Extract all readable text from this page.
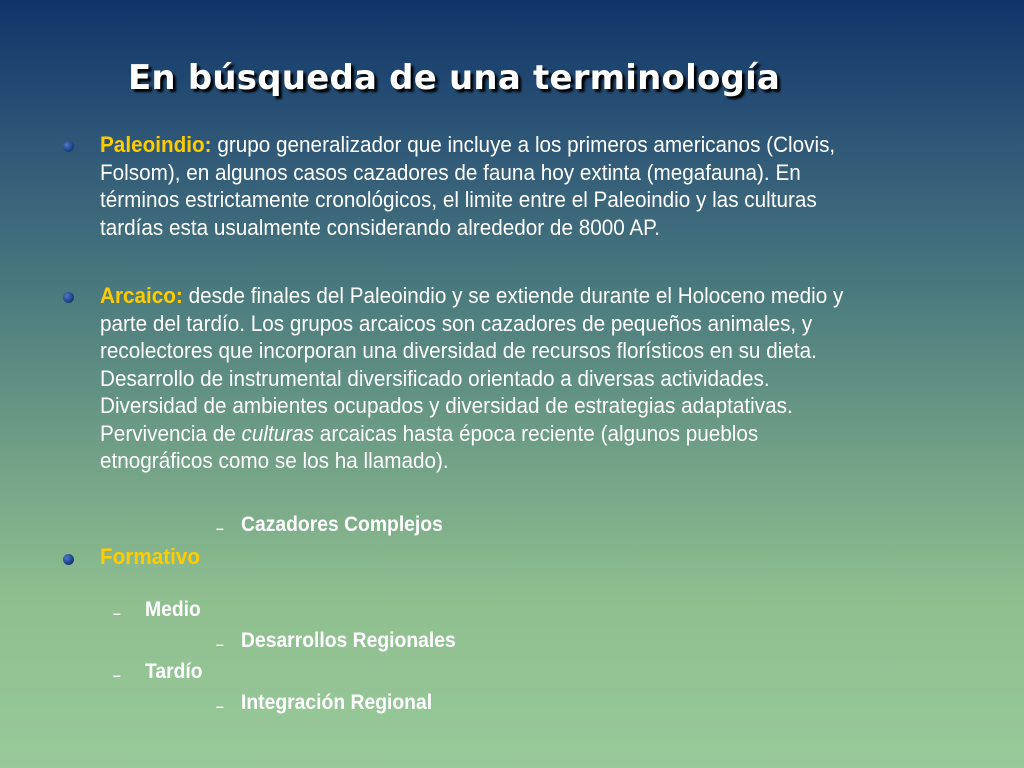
En búsqueda de una terminología
Paleoindio: grupo generalizador que incluye a los primeros americanos (Clovis,
Folsom), en algunos casos cazadores de fauna hoy extinta (megafauna). En
términos estrictamente cronológicos, el limite entre el Paleoindio y las culturas
tardías esta usualmente considerando alrededor de 8000 AP.
Arcaico: desde finales del Paleoindio y se extiende durante el Holoceno medio y
parte del tardío. Los grupos arcaicos son cazadores de pequeños animales, y
recolectores que incorporan una diversidad de recursos florísticos en su dieta.
Desarrollo de instrumental diversificado orientado a diversas actividades.
Diversidad de ambientes ocupados y diversidad de estrategias adaptativas.
Pervivencia de culturas arcaicas hasta época reciente (algunos pueblos
etnográficos como se los ha llamado).
– Cazadores Complejos
Formativo
– Medio
– Desarrollos Regionales
– Tardío
– Integración Regional
